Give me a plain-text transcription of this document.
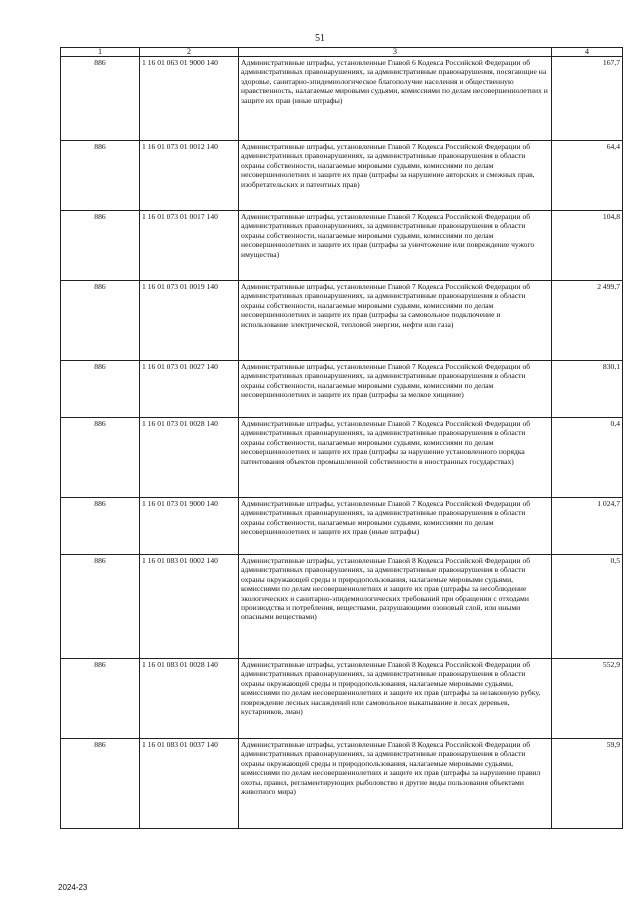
51
1	2	3	4
886	1 16 01 063 01 9000 140	Административные штрафы, установленные Главой 6 Кодекса Российской Федерации об административных правонарушениях, за административные правонарушения, посягающие на здоровье, санитарно-эпидемиологическое благополучие населения и общественную нравственность, налагаемые мировыми судьями, комиссиями по делам несовершеннолетних и защите их прав (иные штрафы)	167,7
886	1 16 01 073 01 0012 140	Административные штрафы, установленные Главой 7 Кодекса Российской Федерации об административных правонарушениях, за административные правонарушения в области охраны собственности, налагаемые мировыми судьями, комиссиями по делам несовершеннолетних и защите их прав (штрафы за нарушение авторских и смежных прав, изобретательских и патентных прав)	64,4
886	1 16 01 073 01 0017 140	Административные штрафы, установленные Главой 7 Кодекса Российской Федерации об административных правонарушениях, за административные правонарушения в области охраны собственности, налагаемые мировыми судьями, комиссиями по делам несовершеннолетних и защите их прав (штрафы за уничтожение или повреждение чужого имущества)	104,8
886	1 16 01 073 01 0019 140	Административные штрафы, установленные Главой 7 Кодекса Российской Федерации об административных правонарушениях, за административные правонарушения в области охраны собственности, налагаемые мировыми судьями, комиссиями по делам несовершеннолетних и защите их прав (штрафы за самовольное подключение и использование электрической, тепловой энергии, нефти или газа)	2 499,7
886	1 16 01 073 01 0027 140	Административные штрафы, установленные Главой 7 Кодекса Российской Федерации об административных правонарушениях, за административные правонарушения в области охраны собственности, налагаемые мировыми судьями, комиссиями по делам несовершеннолетних и защите их прав (штрафы за мелкое хищение)	830,1
886	1 16 01 073 01 0028 140	Административные штрафы, установленные Главой 7 Кодекса Российской Федерации об административных правонарушениях, за административные правонарушения в области охраны собственности, налагаемые мировыми судьями, комиссиями по делам несовершеннолетних и защите их прав (штрафы за нарушение установленного порядка патентования объектов промышленной собственности в иностранных государствах)	0,4
886	1 16 01 073 01 9000 140	Административные штрафы, установленные Главой 7 Кодекса Российской Федерации об административных правонарушениях, за административные правонарушения в области охраны собственности, налагаемые мировыми судьями, комиссиями по делам несовершеннолетних и защите их прав (иные штрафы)	1 024,7
886	1 16 01 083 01 0002 140	Административные штрафы, установленные Главой 8 Кодекса Российской Федерации об административных правонарушениях, за административные правонарушения в области охраны окружающей среды и природопользования, налагаемые мировыми судьями, комиссиями по делам несовершеннолетних и защите их прав (штрафы за несоблюдение экологических и санитарно-эпидемиологических требований при обращении с отходами производства и потребления, веществами, разрушающими озоновый слой, или иными опасными веществами)	0,5
886	1 16 01 083 01 0028 140	Административные штрафы, установленные Главой 8 Кодекса Российской Федерации об административных правонарушениях, за административные правонарушения в области охраны окружающей среды и природопользования, налагаемые мировыми судьями, комиссиями по делам несовершеннолетних и защите их прав (штрафы за незаконную рубку, повреждение лесных насаждений или самовольное выкапывание в лесах деревьев, кустарников, лиан)	552,9
886	1 16 01 083 01 0037 140	Административные штрафы, установленные Главой 8 Кодекса Российской Федерации об административных правонарушениях, за административные правонарушения в области охраны окружающей среды и природопользования, налагаемые мировыми судьями, комиссиями по делам несовершеннолетних и защите их прав (штрафы за нарушение правил охоты, правил, регламентирующих рыболовство и другие виды пользования объектами животного мира)	59,9
2024-23
